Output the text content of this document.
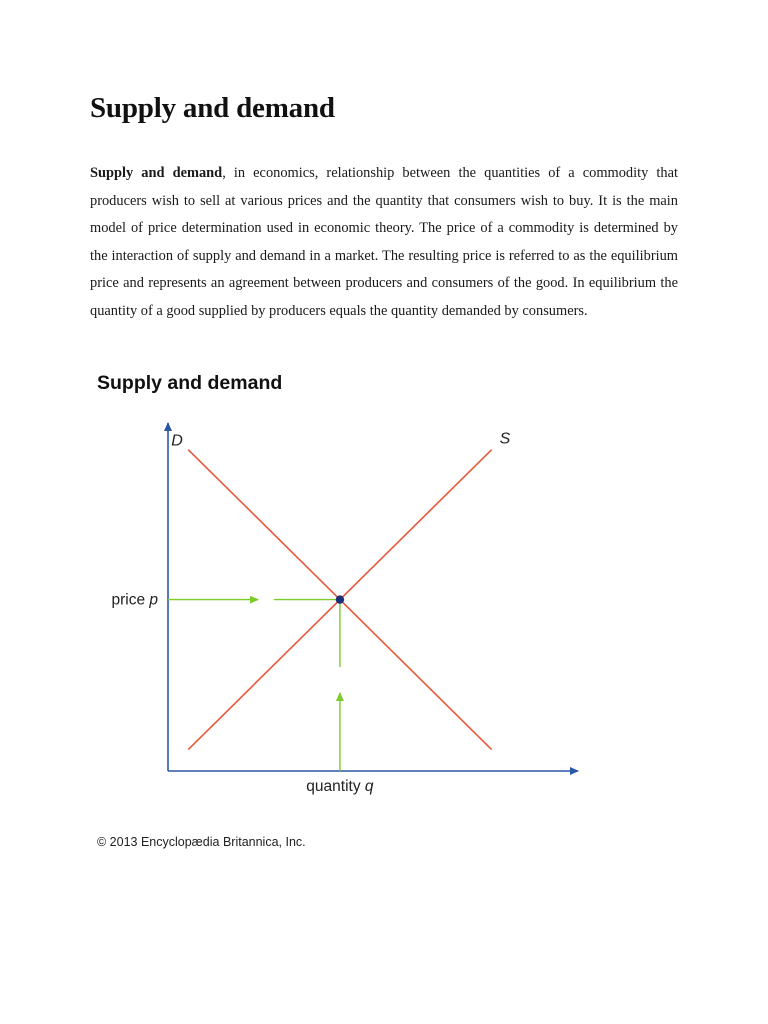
Supply and demand

Supply and demand, in economics, relationship between the quantities of a commodity that producers wish to sell at various prices and the quantity that consumers wish to buy. It is the main model of price determination used in economic theory. The price of a commodity is determined by the interaction of supply and demand in a market. The resulting price is referred to as the equilibrium price and represents an agreement between producers and consumers of the good. In equilibrium the quantity of a good supplied by producers equals the quantity demanded by consumers.

Supply and demand
D	S
price p
quantity q

© 2013 Encyclopædia Britannica, Inc.
